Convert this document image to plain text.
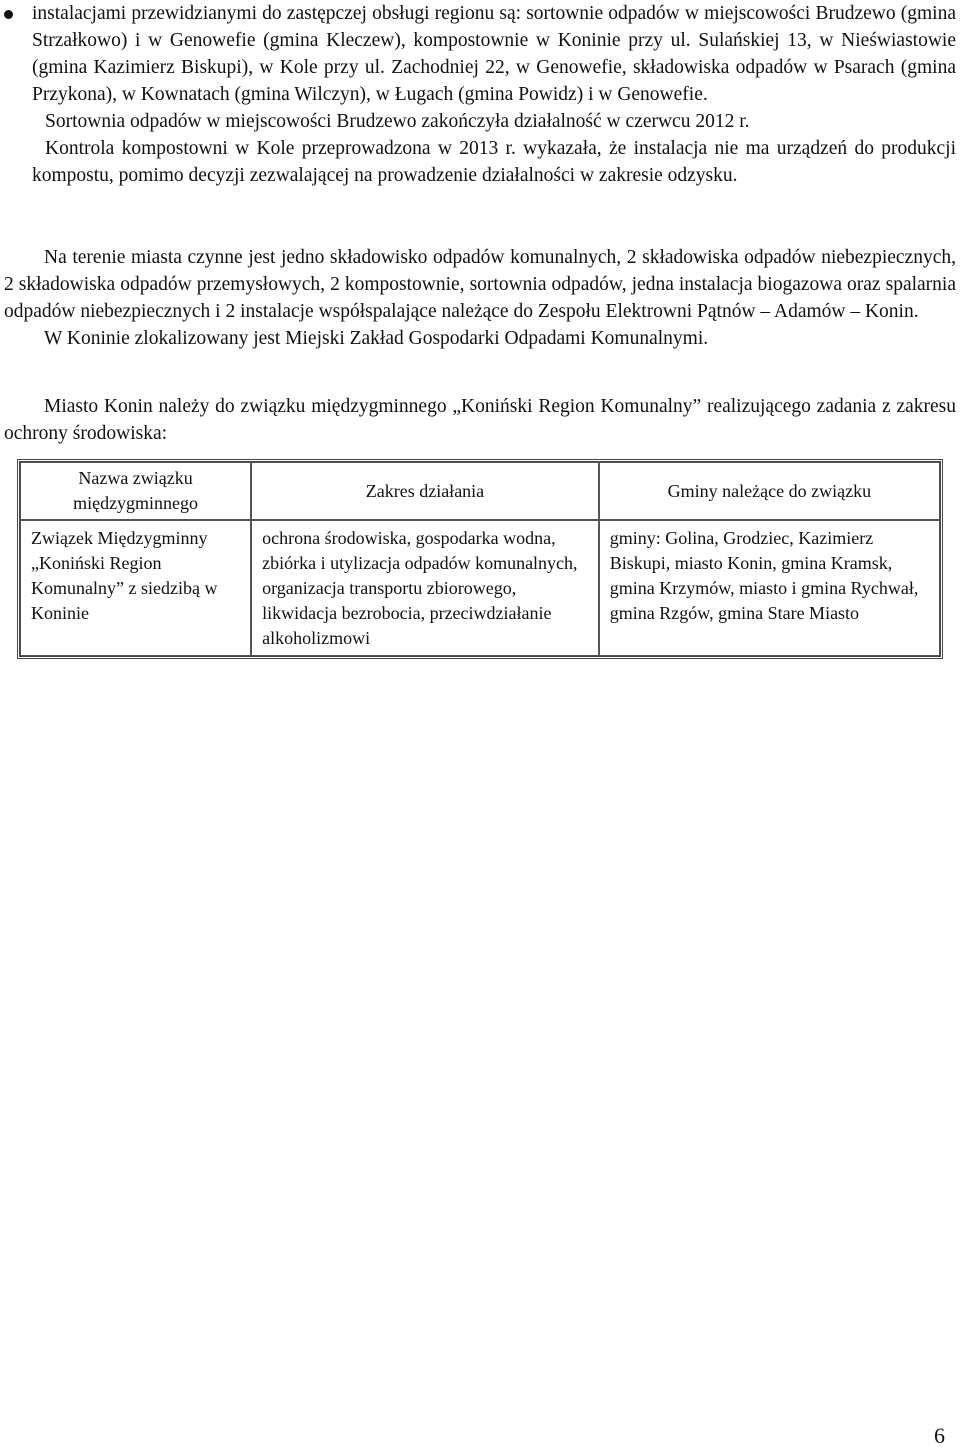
instalacjami przewidzianymi do zastępczej obsługi regionu są: sortownie odpadów w miejscowości Brudzewo (gmina Strzałkowo) i w Genowefie (gmina Kleczew), kompostownie w Koninie przy ul. Sulańskiej 13, w Nieświastowie (gmina Kazimierz Biskupi), w Kole przy ul. Zachodniej 22, w Genowefie, składowiska odpadów w Psarach (gmina Przykona), w Kownatach (gmina Wilczyn), w Ługach (gmina Powidz) i w Genowefie.

Sortownia odpadów w miejscowości Brudzewo zakończyła działalność w czerwcu 2012 r.

Kontrola kompostowni w Kole przeprowadzona w 2013 r. wykazała, że instalacja nie ma urządzeń do produkcji kompostu, pomimo decyzji zezwalającej na prowadzenie działalności w zakresie odzysku.

Na terenie miasta czynne jest jedno składowisko odpadów komunalnych, 2 składowiska odpadów niebezpiecznych, 2 składowiska odpadów przemysłowych, 2 kompostownie, sortownia odpadów, jedna instalacja biogazowa oraz spalarnia odpadów niebezpiecznych i 2 instalacje współspalające należące do Zespołu Elektrowni Pątnów – Adamów – Konin.

W Koninie zlokalizowany jest Miejski Zakład Gospodarki Odpadami Komunalnymi.

Miasto Konin należy do związku międzygminnego „Koniński Region Komunalny” realizującego zadania z zakresu ochrony środowiska:

Nazwa związku międzygminnego	Zakres działania	Gminy należące do związku
Związek Międzygminny „Koniński Region Komunalny” z siedzibą w Koninie	ochrona środowiska, gospodarka wodna, zbiórka i utylizacja odpadów komunalnych, organizacja transportu zbiorowego, likwidacja bezrobocia, przeciwdziałanie alkoholizmowi	gminy: Golina, Grodziec, Kazimierz Biskupi, miasto Konin, gmina Kramsk, gmina Krzymów, miasto i gmina Rychwał, gmina Rzgów, gmina Stare Miasto
6
